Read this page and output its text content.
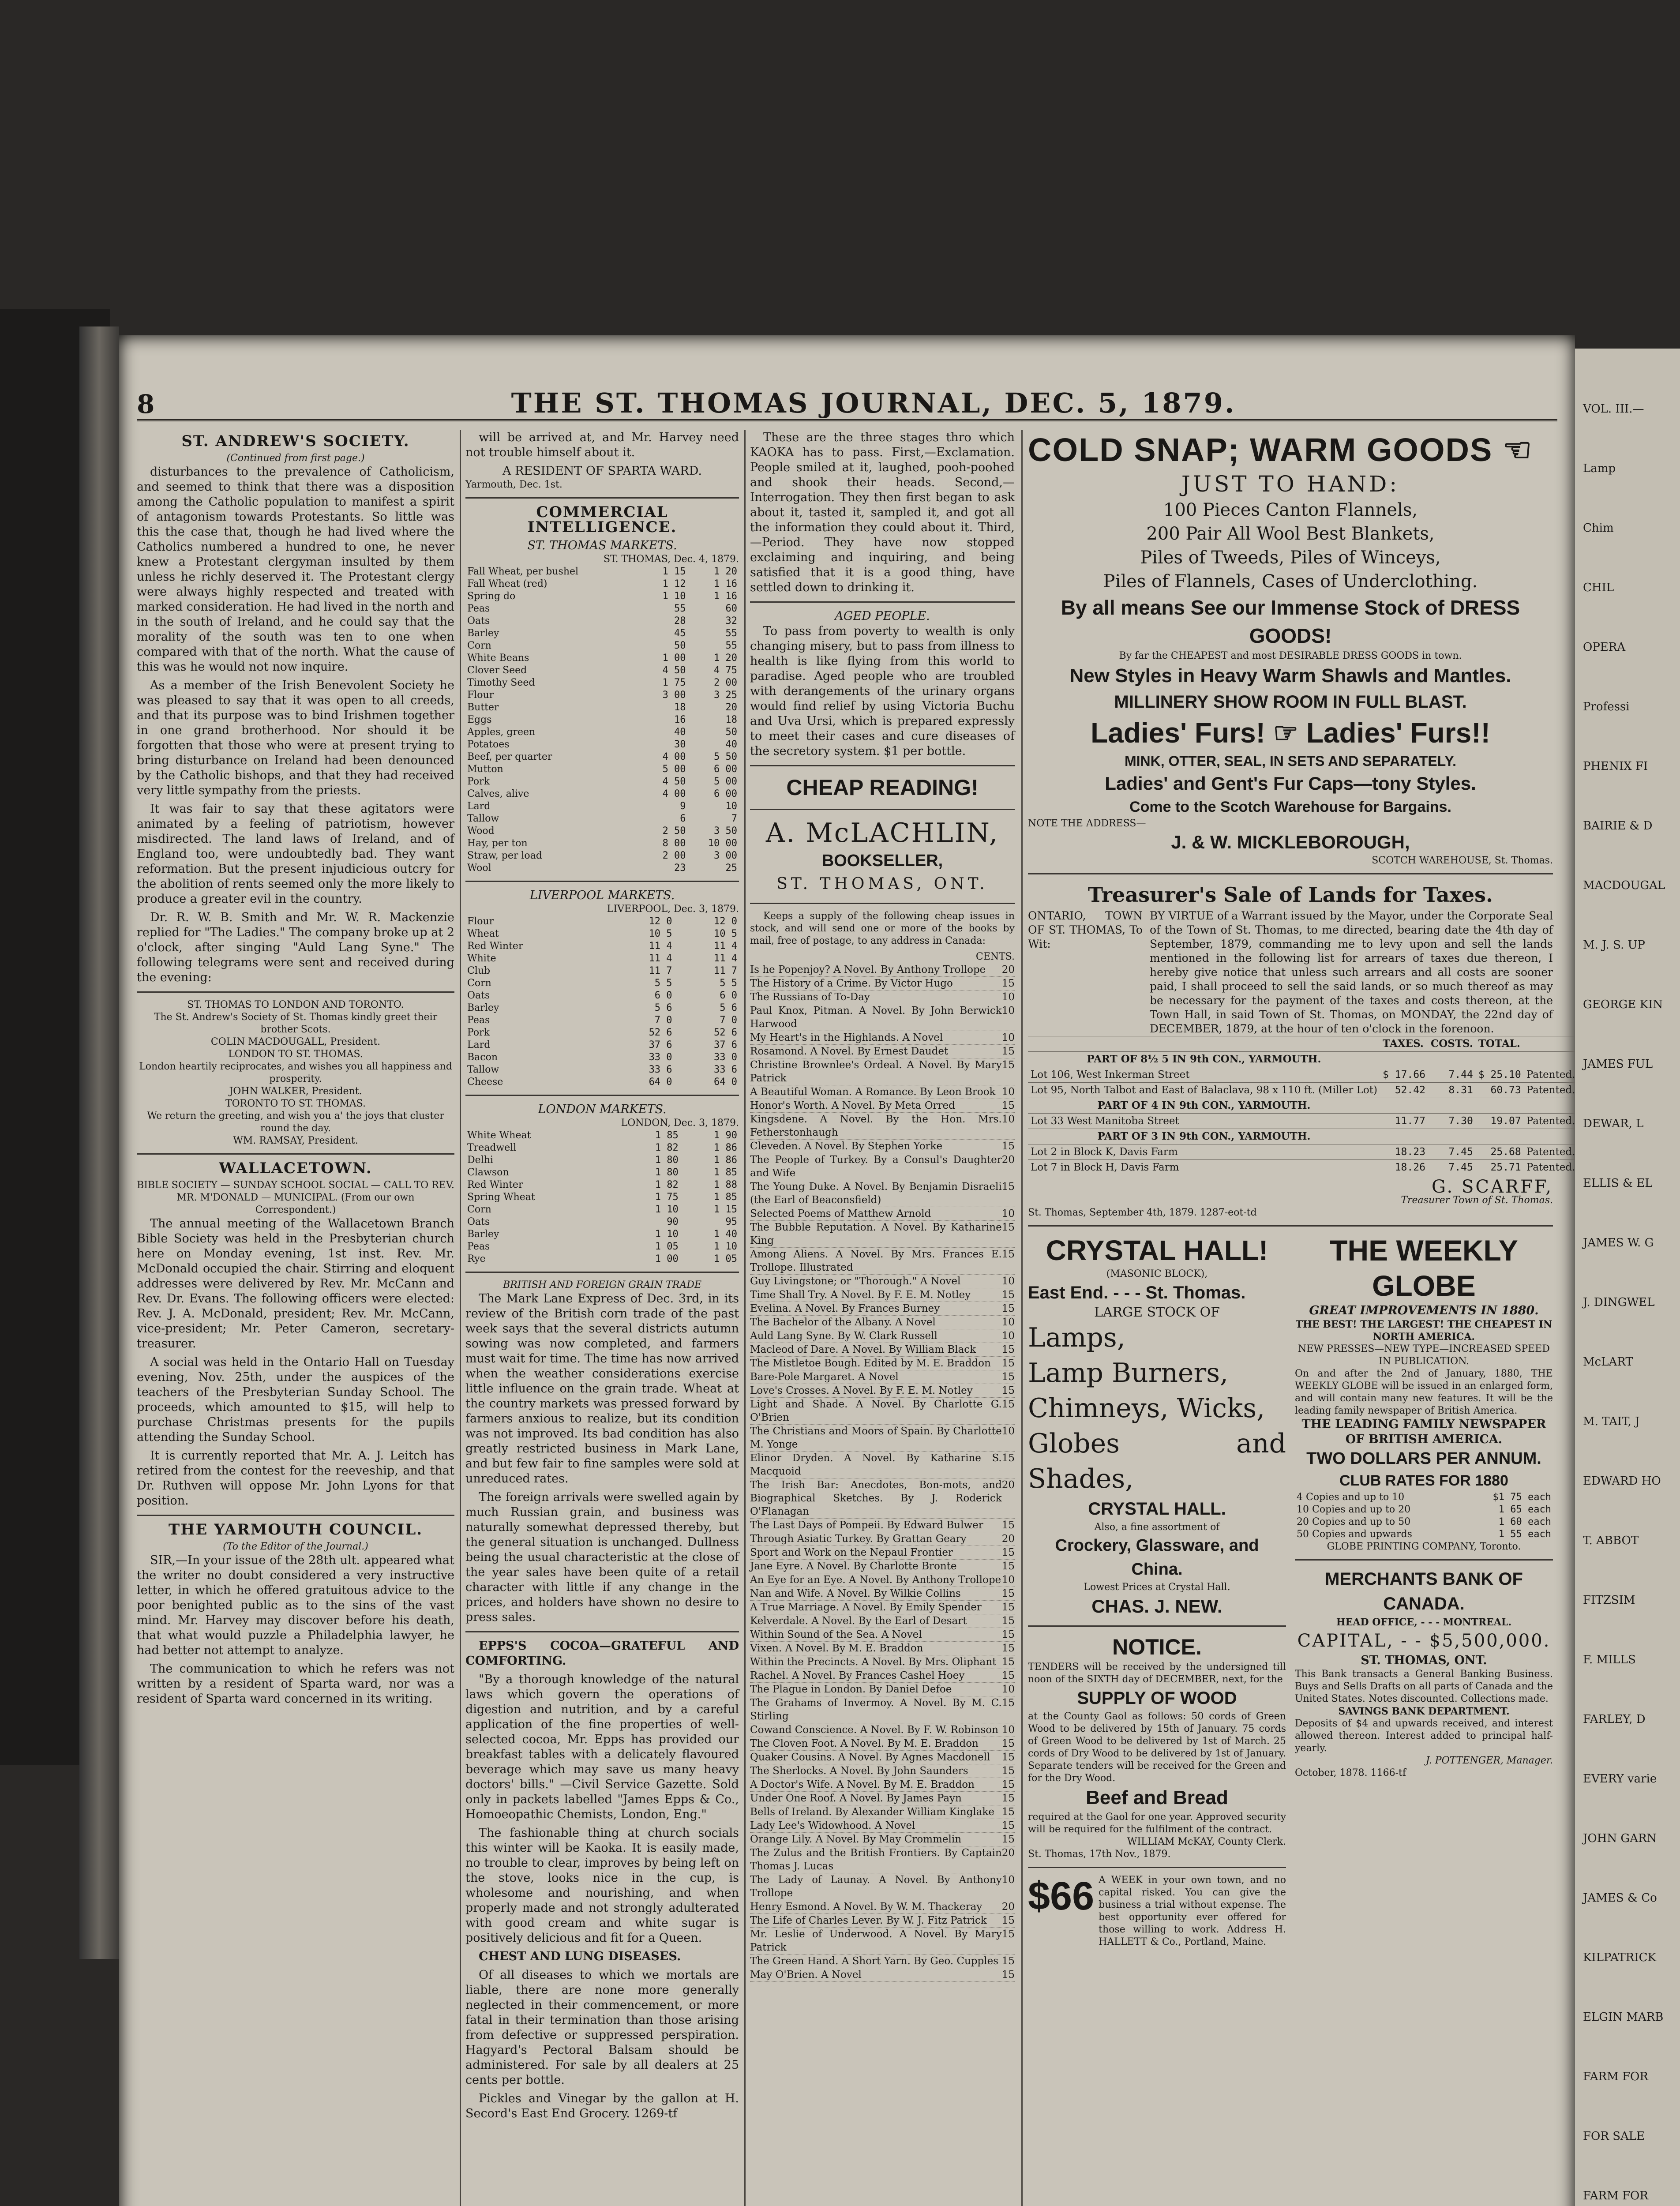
8	THE ST. THOMAS JOURNAL, DEC. 5, 1879.
ST. ANDREW'S SOCIETY.
(Continued from first page.)

disturbances to the prevalence of Catholicism, and seemed to think that there was a disposition among the Catholic population to manifest a spirit of antagonism towards Protestants. So little was this the case that, though he had lived where the Catholics numbered a hundred to one, he never knew a Protestant clergyman insulted by them unless he richly deserved it. The Protestant clergy were always highly respected and treated with marked consideration. He had lived in the north and in the south of Ireland, and he could say that the morality of the south was ten to one when compared with that of the north. What the cause of this was he would not now inquire.

As a member of the Irish Benevolent Society he was pleased to say that it was open to all creeds, and that its purpose was to bind Irishmen together in one grand brotherhood. Nor should it be forgotten that those who were at present trying to bring disturbance on Ireland had been denounced by the Catholic bishops, and that they had received very little sympathy from the priests.

It was fair to say that these agitators were animated by a feeling of patriotism, however misdirected. The land laws of Ireland, and of England too, were undoubtedly bad. They want reformation. But the present injudicious outcry for the abolition of rents seemed only the more likely to produce a greater evil in the country.

Dr. R. W. B. Smith and Mr. W. R. Mackenzie replied for "The Ladies." The company broke up at 2 o'clock, after singing "Auld Lang Syne." The following telegrams were sent and received during the evening:

ST. THOMAS TO LONDON AND TORONTO.
The St. Andrew's Society of St. Thomas kindly greet their brother Scots.
COLIN MACDOUGALL, President.
LONDON TO ST. THOMAS.
London heartily reciprocates, and wishes you all happiness and prosperity.
JOHN WALKER, President.
TORONTO TO ST. THOMAS.
We return the greeting, and wish you a' the joys that cluster round the day.
WM. RAMSAY, President.
WALLACETOWN.
BIBLE SOCIETY — SUNDAY SCHOOL SOCIAL — CALL TO REV. MR. M'DONALD — MUNICIPAL. (From our own Correspondent.)

The annual meeting of the Wallacetown Branch Bible Society was held in the Presbyterian church here on Monday evening, 1st inst. Rev. Mr. McDonald occupied the chair. Stirring and eloquent addresses were delivered by Rev. Mr. McCann and Rev. Dr. Evans. The following officers were elected: Rev. J. A. McDonald, president; Rev. Mr. McCann, vice-president; Mr. Peter Cameron, secretary-treasurer.

A social was held in the Ontario Hall on Tuesday evening, Nov. 25th, under the auspices of the teachers of the Presbyterian Sunday School. The proceeds, which amounted to $15, will help to purchase Christmas presents for the pupils attending the Sunday School.

It is currently reported that Mr. A. J. Leitch has retired from the contest for the reeveship, and that Dr. Ruthven will oppose Mr. John Lyons for that position.

THE YARMOUTH COUNCIL.
(To the Editor of the Journal.)

SIR,—In your issue of the 28th ult. appeared what the writer no doubt considered a very instructive letter, in which he offered gratuitous advice to the poor benighted public as to the sins of the vast mind. Mr. Harvey may discover before his death, that what would puzzle a Philadelphia lawyer, he had better not attempt to analyze.

The communication to which he refers was not written by a resident of Sparta ward, nor was a resident of Sparta ward concerned in its writing.

will be arrived at, and Mr. Harvey need not trouble himself about it.

A RESIDENT OF SPARTA WARD.
Yarmouth, Dec. 1st.
COMMERCIAL INTELLIGENCE.
ST. THOMAS MARKETS.
ST. THOMAS, Dec. 4, 1879.
Fall Wheat, per bushel	1 15	1 20
Fall Wheat (red)	1 12	1 16
Spring do	1 10	1 16
Peas	55	60
Oats	28	32
Barley	45	55
Corn	50	55
White Beans	1 00	1 20
Clover Seed	4 50	4 75
Timothy Seed	1 75	2 00
Flour	3 00	3 25
Butter	18	20
Eggs	16	18
Apples, green	40	50
Potatoes	30	40
Beef, per quarter	4 00	5 50
Mutton	5 00	6 00
Pork	4 50	5 00
Calves, alive	4 00	6 00
Lard	9	10
Tallow	6	7
Wood	2 50	3 50
Hay, per ton	8 00	10 00
Straw, per load	2 00	3 00
Wool	23	25
LIVERPOOL MARKETS.
LIVERPOOL, Dec. 3, 1879.
Flour	12 0	12 0
Wheat	10 5	10 5
Red Winter	11 4	11 4
White	11 4	11 4
Club	11 7	11 7
Corn	5 5	5 5
Oats	6 0	6 0
Barley	5 6	5 6
Peas	7 0	7 0
Pork	52 6	52 6
Lard	37 6	37 6
Bacon	33 0	33 0
Tallow	33 6	33 6
Cheese	64 0	64 0
LONDON MARKETS.
LONDON, Dec. 3, 1879.
White Wheat	1 85	1 90
Treadwell	1 82	1 86
Delhi	1 80	1 86
Clawson	1 80	1 85
Red Winter	1 82	1 88
Spring Wheat	1 75	1 85
Corn	1 10	1 15
Oats	90	95
Barley	1 10	1 40
Peas	1 05	1 10
Rye	1 00	1 05
BRITISH AND FOREIGN GRAIN TRADE

The Mark Lane Express of Dec. 3rd, in its review of the British corn trade of the past week says that the several districts autumn sowing was now completed, and farmers must wait for time. The time has now arrived when the weather considerations exercise little influence on the grain trade. Wheat at the country markets was pressed forward by farmers anxious to realize, but its condition was not improved. Its bad condition has also greatly restricted business in Mark Lane, and but few fair to fine samples were sold at unreduced rates.

The foreign arrivals were swelled again by much Russian grain, and business was naturally somewhat depressed thereby, but the general situation is unchanged. Dullness being the usual characteristic at the close of the year sales have been quite of a retail character with little if any change in the prices, and holders have shown no desire to press sales.

EPPS'S COCOA—GRATEFUL AND COMFORTING.

"By a thorough knowledge of the natural laws which govern the operations of digestion and nutrition, and by a careful application of the fine properties of well-selected cocoa, Mr. Epps has provided our breakfast tables with a delicately flavoured beverage which may save us many heavy doctors' bills." —Civil Service Gazette. Sold only in packets labelled "James Epps & Co., Homoeopathic Chemists, London, Eng."

The fashionable thing at church socials this winter will be Kaoka. It is easily made, no trouble to clear, improves by being left on the stove, looks nice in the cup, is wholesome and nourishing, and when properly made and not strongly adulterated with good cream and white sugar is positively delicious and fit for a Queen.

CHEST AND LUNG DISEASES.

Of all diseases to which we mortals are liable, there are none more generally neglected in their commencement, or more fatal in their termination than those arising from defective or suppressed perspiration. Hagyard's Pectoral Balsam should be administered. For sale by all dealers at 25 cents per bottle.

Pickles and Vinegar by the gallon at H. Secord's East End Grocery. 1269-tf

These are the three stages thro which KAOKA has to pass. First,—Exclamation. People smiled at it, laughed, pooh-poohed and shook their heads. Second,—Interrogation. They then first began to ask about it, tasted it, sampled it, and got all the information they could about it. Third,—Period. They have now stopped exclaiming and inquiring, and being satisfied that it is a good thing, have settled down to drinking it.

AGED PEOPLE.

To pass from poverty to wealth is only changing misery, but to pass from illness to health is like flying from this world to paradise. Aged people who are troubled with derangements of the urinary organs would find relief by using Victoria Buchu and Uva Ursi, which is prepared expressly to meet their cases and cure diseases of the secretory system. $1 per bottle.

CHEAP READING!
A. McLACHLIN,
BOOKSELLER,
ST. THOMAS, ONT.

Keeps a supply of the following cheap issues in stock, and will send one or more of the books by mail, free of postage, to any address in Canada:

CENTS.
Is he Popenjoy? A Novel. By Anthony Trollope 20
The History of a Crime. By Victor Hugo	15
The Russians of To-Day	10
Paul Knox, Pitman. A Novel. By John Berwick Harwood
10
My Heart's in the Highlands. A Novel	10
Rosamond. A Novel. By Ernest Daudet	15
Christine Brownlee's Ordeal. A Novel. By Mary Patrick
15
A Beautiful Woman. A Romance. By Leon Brook 10
Honor's Worth. A Novel. By Meta Orred	15
Kingsdene. A Novel. By the Hon. Mrs. Fetherstonhaugh
10
Cleveden. A Novel. By Stephen Yorke	15
The People of Turkey. By a Consul's Daughter and Wife
20
The Young Duke. A Novel. By Benjamin Disraeli (the Earl of Beaconsfield)
15
Selected Poems of Matthew Arnold	10
The Bubble Reputation. A Novel. By Katharine King
15
Among Aliens. A Novel. By Mrs. Frances E. Trollope. Illustrated
15
Guy Livingstone; or "Thorough." A Novel	10
Time Shall Try. A Novel. By F. E. M. Notley	15
Evelina. A Novel. By Frances Burney	15
The Bachelor of the Albany. A Novel	10
Auld Lang Syne. By W. Clark Russell	10
Macleod of Dare. A Novel. By William Black	15
The Mistletoe Bough. Edited by M. E. Braddon 15
Bare-Pole Margaret. A Novel	15
Love's Crosses. A Novel. By F. E. M. Notley	15
Light and Shade. A Novel. By Charlotte G. O'Brien
15
The Christians and Moors of Spain. By Charlotte M. Yonge
10
Elinor Dryden. A Novel. By Katharine S. Macquoid
15
The Irish Bar: Anecdotes, Bon-mots, and Biographical Sketches. By J. Roderick O'Flanagan
20
The Last Days of Pompeii. By Edward Bulwer 15
Through Asiatic Turkey. By Grattan Geary	20
Sport and Work on the Nepaul Frontier	15
Jane Eyre. A Novel. By Charlotte Bronte	15
An Eye for an Eye. A Novel. By Anthony Trollope 10
Nan and Wife. A Novel. By Wilkie Collins	15
A True Marriage. A Novel. By Emily Spender 15
Kelverdale. A Novel. By the Earl of Desart	15
Within Sound of the Sea. A Novel	15
Vixen. A Novel. By M. E. Braddon	15
Within the Precincts. A Novel. By Mrs. Oliphant 15
Rachel. A Novel. By Frances Cashel Hoey	15
The Plague in London. By Daniel Defoe	10
The Grahams of Invermoy. A Novel. By M. C. Stirling
15
Cowand Conscience. A Novel. By F. W. Robinson 10
The Cloven Foot. A Novel. By M. E. Braddon 15
Quaker Cousins. A Novel. By Agnes Macdonell 15
The Sherlocks. A Novel. By John Saunders	15
A Doctor's Wife. A Novel. By M. E. Braddon	15
Under One Roof. A Novel. By James Payn	15
Bells of Ireland. By Alexander William Kinglake 15
Lady Lee's Widowhood. A Novel	15
Orange Lily. A Novel. By May Crommelin	15
The Zulus and the British Frontiers. By Captain Thomas J. Lucas
20
The Lady of Launay. A Novel. By Anthony Trollope
10
Henry Esmond. A Novel. By W. M. Thackeray 20
The Life of Charles Lever. By W. J. Fitz Patrick 15
Mr. Leslie of Underwood. A Novel. By Mary Patrick
15
The Green Hand. A Short Yarn. By Geo. Cupples 15
May O'Brien. A Novel	15
COLD SNAP; WARM GOODS ☜
JUST TO HAND:
100 Pieces Canton Flannels,
200 Pair All Wool Best Blankets,
Piles of Tweeds, Piles of Winceys,
Piles of Flannels, Cases of Underclothing.
By all means See our Immense Stock of DRESS GOODS!
By far the CHEAPEST and most DESIRABLE DRESS GOODS in town.
New Styles in Heavy Warm Shawls and Mantles.
MILLINERY SHOW ROOM IN FULL BLAST.
Ladies' Furs! ☞ Ladies' Furs!!
MINK, OTTER, SEAL, IN SETS AND SEPARATELY.
Ladies' and Gent's Fur Caps—tony Styles.
Come to the Scotch Warehouse for Bargains.
NOTE THE ADDRESS—
J. & W. MICKLEBOROUGH,
SCOTCH WAREHOUSE, St. Thomas.
Treasurer's Sale of Lands for Taxes.
ONTARIO, TOWN OF ST. THOMAS, To Wit:
BY VIRTUE of a Warrant issued by the Mayor, under the Corporate Seal of the Town of St. Thomas, to me directed, bearing date the 4th day of September, 1879, commanding me to levy upon and sell the lands mentioned in the following list for arrears of taxes due thereon, I hereby give notice that unless such arrears and all costs are sooner paid, I shall proceed to sell the said lands, or so much thereof as may be necessary for the payment of the taxes and costs thereon, at the Town Hall, in said Town of St. Thomas, on MONDAY, the 22nd day of DECEMBER, 1879, at the hour of ten o'clock in the forenoon.
	TAXES.	COSTS.	TOTAL.	
PART OF 8½ 5 IN 9th CON., YARMOUTH.				
Lot 106, West Inkerman Street	$ 17.66	7.44	$ 25.10	Patented.
Lot 95, North Talbot and East of Balaclava, 98 x 110 ft. (Miller Lot)	52.42	8.31	60.73	Patented.
PART OF 4 IN 9th CON., YARMOUTH.				
Lot 33 West Manitoba Street	11.77	7.30	19.07	Patented.
PART OF 3 IN 9th CON., YARMOUTH.				
Lot 2 in Block K, Davis Farm	18.23	7.45	25.68	Patented.
Lot 7 in Block H, Davis Farm	18.26	7.45	25.71	Patented.
G. SCARFF,
Treasurer Town of St. Thomas.
St. Thomas, September 4th, 1879. 1287-eot-td
CRYSTAL HALL!
(MASONIC BLOCK),
East End. - - - St. Thomas.
LARGE STOCK OF
Lamps,
Lamp Burners,
Chimneys, Wicks,
Globes and Shades,
CRYSTAL HALL.
Also, a fine assortment of
Crockery, Glassware, and China.
Lowest Prices at Crystal Hall.
CHAS. J. NEW.
NOTICE.
TENDERS will be received by the undersigned till noon of the SIXTH day of DECEMBER, next, for the
SUPPLY OF WOOD
at the County Gaol as follows: 50 cords of Green Wood to be delivered by 15th of January. 75 cords of Green Wood to be delivered by 1st of March. 25 cords of Dry Wood to be delivered by 1st of January. Separate tenders will be received for the Green and for the Dry Wood.
Beef and Bread
required at the Gaol for one year. Approved security will be required for the fulfilment of the contract.
WILLIAM McKAY, County Clerk.
St. Thomas, 17th Nov., 1879.
$66 A WEEK in your own town, and no capital risked. You can give the business a trial without expense. The best opportunity ever offered for those willing to work. Address H. HALLETT & Co., Portland, Maine.
THE WEEKLY GLOBE
GREAT IMPROVEMENTS IN 1880.
THE BEST! THE LARGEST! THE CHEAPEST IN NORTH AMERICA.
NEW PRESSES—NEW TYPE—INCREASED SPEED IN PUBLICATION.
On and after the 2nd of January, 1880, THE WEEKLY GLOBE will be issued in an enlarged form, and will contain many new features. It will be the leading family newspaper of British America.
THE LEADING FAMILY NEWSPAPER OF BRITISH AMERICA.
TWO DOLLARS PER ANNUM.
CLUB RATES FOR 1880
4 Copies and up to 10	$1 75 each
10 Copies and up to 20	1 65 each
20 Copies and up to 50	1 60 each
50 Copies and upwards	1 55 each
GLOBE PRINTING COMPANY, Toronto.
MERCHANTS BANK OF CANADA.
HEAD OFFICE, - - - MONTREAL.
CAPITAL, - - $5,500,000.
ST. THOMAS, ONT.
This Bank transacts a General Banking Business. Buys and Sells Drafts on all parts of Canada and the United States. Notes discounted. Collections made.
SAVINGS BANK DEPARTMENT.
Deposits of $4 and upwards received, and interest allowed thereon. Interest added to principal half-yearly.
J. POTTENGER, Manager.
October, 1878. 1166-tf
VOL. III.—
Lamp
Chim
CHIL
OPERA
Professi
PHENIX FI
BAIRIE & D
MACDOUGAL
M. J. S. UP
GEORGE KIN
JAMES FUL
DEWAR, L
ELLIS & EL
JAMES W. G
J. DINGWEL
McLART
M. TAIT, J
EDWARD HO
T. ABBOT
FITZSIM
F. MILLS
FARLEY, D
EVERY varie
JOHN GARN
JAMES & Co
KILPATRICK
ELGIN MARB
FARM FOR
FOR SALE
FARM FOR
